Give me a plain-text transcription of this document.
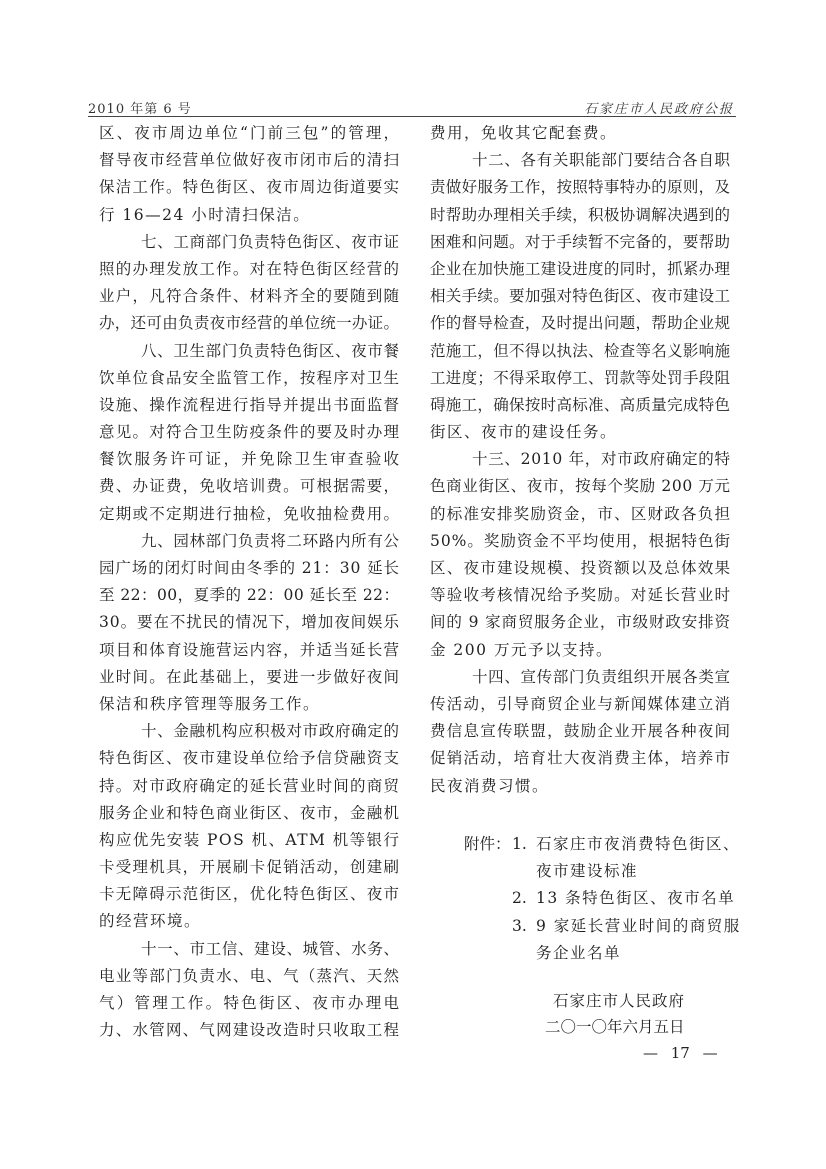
2010 年第 6 号	石家庄市人民政府公报
区、夜市周边单位“门前三包”的管理，
督导夜市经营单位做好夜市闭市后的清扫
保洁工作。特色街区、夜市周边街道要实
行 16—24 小时清扫保洁。
七、工商部门负责特色街区、夜市证
照的办理发放工作。对在特色街区经营的
业户，凡符合条件、材料齐全的要随到随
办，还可由负责夜市经营的单位统一办证。
八、卫生部门负责特色街区、夜市餐
饮单位食品安全监管工作，按程序对卫生
设施、操作流程进行指导并提出书面监督
意见。对符合卫生防疫条件的要及时办理
餐饮服务许可证，并免除卫生审查验收
费、办证费，免收培训费。可根据需要，
定期或不定期进行抽检，免收抽检费用。
九、园林部门负责将二环路内所有公
园广场的闭灯时间由冬季的 21：30 延长
至 22：00，夏季的 22：00 延长至 22：
30。要在不扰民的情况下，增加夜间娱乐
项目和体育设施营运内容，并适当延长营
业时间。在此基础上，要进一步做好夜间
保洁和秩序管理等服务工作。
十、金融机构应积极对市政府确定的
特色街区、夜市建设单位给予信贷融资支
持。对市政府确定的延长营业时间的商贸
服务企业和特色商业街区、夜市，金融机
构应优先安装 POS 机、ATM 机等银行
卡受理机具，开展刷卡促销活动，创建刷
卡无障碍示范街区，优化特色街区、夜市
的经营环境。
十一、市工信、建设、城管、水务、
电业等部门负责水、电、气（蒸汽、天然
气）管理工作。特色街区、夜市办理电
力、水管网、气网建设改造时只收取工程
费用，免收其它配套费。
十二、各有关职能部门要结合各自职
责做好服务工作，按照特事特办的原则，及
时帮助办理相关手续，积极协调解决遇到的
困难和问题。对于手续暂不完备的，要帮助
企业在加快施工建设进度的同时，抓紧办理
相关手续。要加强对特色街区、夜市建设工
作的督导检查，及时提出问题，帮助企业规
范施工，但不得以执法、检查等名义影响施
工进度；不得采取停工、罚款等处罚手段阻
碍施工，确保按时高标准、高质量完成特色
街区、夜市的建设任务。
十三、2010 年，对市政府确定的特
色商业街区、夜市，按每个奖励 200 万元
的标准安排奖励资金，市、区财政各负担
50%。奖励资金不平均使用，根据特色街
区、夜市建设规模、投资额以及总体效果
等验收考核情况给予奖励。对延长营业时
间的 9 家商贸服务企业，市级财政安排资
金 200 万元予以支持。
十四、宣传部门负责组织开展各类宣
传活动，引导商贸企业与新闻媒体建立消
费信息宣传联盟，鼓励企业开展各种夜间
促销活动，培育壮大夜消费主体，培养市
民夜消费习惯。
附件： 1. 石家庄市夜消费特色街区、
夜市建设标准
2. 13 条特色街区、夜市名单
3. 9 家延长营业时间的商贸服
务企业名单
石家庄市人民政府
二〇一〇年六月五日
— 17 —
